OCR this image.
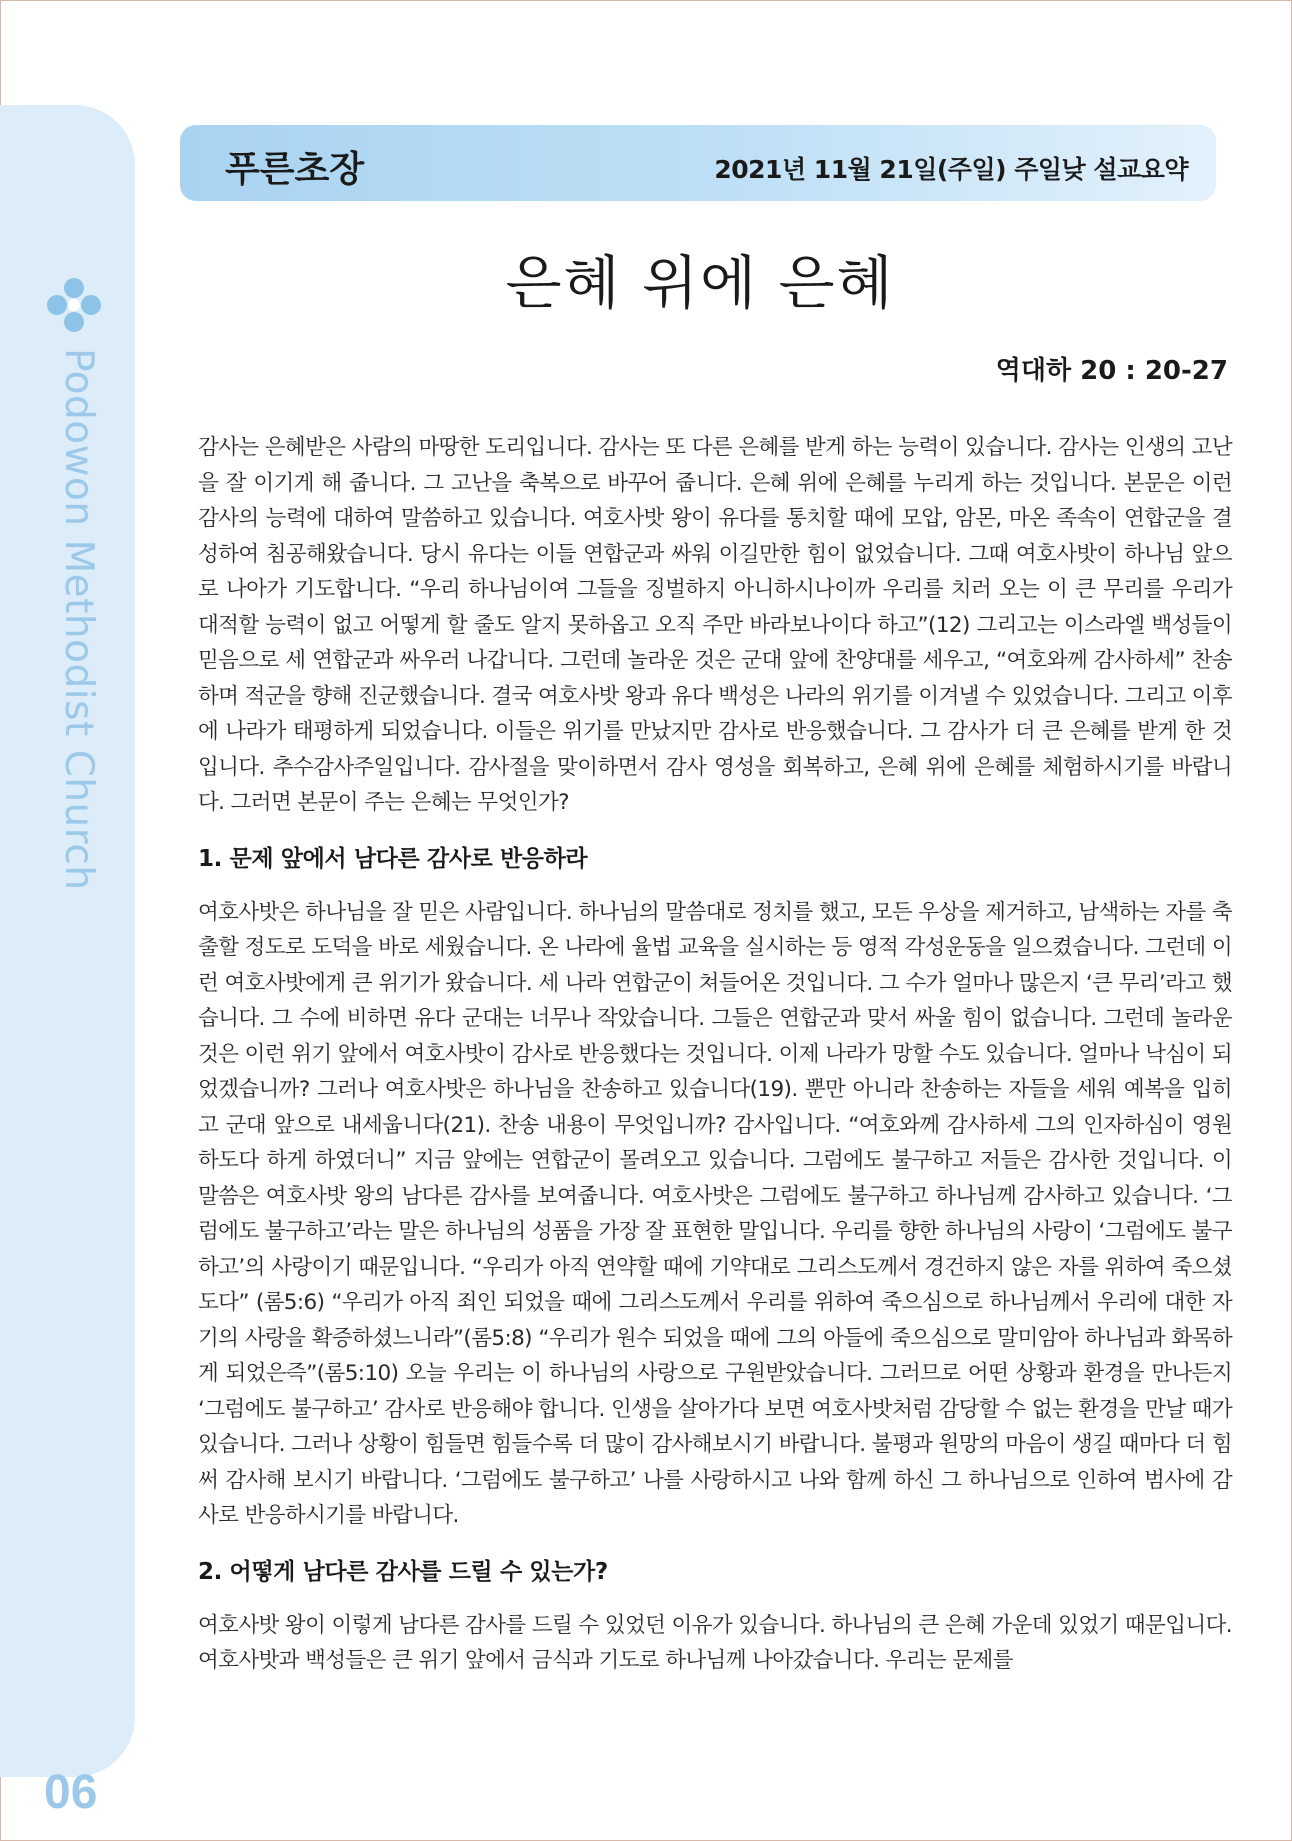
Podowon Methodist Church
06
푸른초장	2021년 11월 21일(주일) 주일낮 설교요약
은혜 위에 은혜
역대하 20 : 20-27

감사는 은혜받은 사람의 마땅한 도리입니다. 감사는 또 다른 은혜를 받게 하는 능력이 있습니다. 감사는 인생의 고난을 잘 이기게 해 줍니다. 그 고난을 축복으로 바꾸어 줍니다. 은혜 위에 은혜를 누리게 하는 것입니다. 본문은 이런 감사의 능력에 대하여 말씀하고 있습니다. 여호사밧 왕이 유다를 통치할 때에 모압, 암몬, 마온 족속이 연합군을 결성하여 침공해왔습니다. 당시 유다는 이들 연합군과 싸워 이길만한 힘이 없었습니다. 그때 여호사밧이 하나님 앞으로 나아가 기도합니다. “우리 하나님이여 그들을 징벌하지 아니하시나이까 우리를 치러 오는 이 큰 무리를 우리가 대적할 능력이 없고 어떻게 할 줄도 알지 못하옵고 오직 주만 바라보나이다 하고”(12) 그리고는 이스라엘 백성들이 믿음으로 세 연합군과 싸우러 나갑니다. 그런데 놀라운 것은 군대 앞에 찬양대를 세우고, “여호와께 감사하세” 찬송하며 적군을 향해 진군했습니다. 결국 여호사밧 왕과 유다 백성은 나라의 위기를 이겨낼 수 있었습니다. 그리고 이후에 나라가 태평하게 되었습니다. 이들은 위기를 만났지만 감사로 반응했습니다. 그 감사가 더 큰 은혜를 받게 한 것입니다. 추수감사주일입니다. 감사절을 맞이하면서 감사 영성을 회복하고, 은혜 위에 은혜를 체험하시기를 바랍니다. 그러면 본문이 주는 은혜는 무엇인가?

1. 문제 앞에서 남다른 감사로 반응하라

여호사밧은 하나님을 잘 믿은 사람입니다. 하나님의 말씀대로 정치를 했고, 모든 우상을 제거하고, 남색하는 자를 축출할 정도로 도덕을 바로 세웠습니다. 온 나라에 율법 교육을 실시하는 등 영적 각성운동을 일으켰습니다. 그런데 이런 여호사밧에게 큰 위기가 왔습니다. 세 나라 연합군이 쳐들어온 것입니다. 그 수가 얼마나 많은지 ‘큰 무리’라고 했습니다. 그 수에 비하면 유다 군대는 너무나 작았습니다. 그들은 연합군과 맞서 싸울 힘이 없습니다. 그런데 놀라운 것은 이런 위기 앞에서 여호사밧이 감사로 반응했다는 것입니다. 이제 나라가 망할 수도 있습니다. 얼마나 낙심이 되었겠습니까? 그러나 여호사밧은 하나님을 찬송하고 있습니다(19). 뿐만 아니라 찬송하는 자들을 세워 예복을 입히고 군대 앞으로 내세웁니다(21). 찬송 내용이 무엇입니까? 감사입니다. “여호와께 감사하세 그의 인자하심이 영원하도다 하게 하였더니” 지금 앞에는 연합군이 몰려오고 있습니다. 그럼에도 불구하고 저들은 감사한 것입니다. 이 말씀은 여호사밧 왕의 남다른 감사를 보여줍니다. 여호사밧은 그럼에도 불구하고 하나님께 감사하고 있습니다. ‘그럼에도 불구하고’라는 말은 하나님의 성품을 가장 잘 표현한 말입니다. 우리를 향한 하나님의 사랑이 ‘그럼에도 불구하고’의 사랑이기 때문입니다. “우리가 아직 연약할 때에 기약대로 그리스도께서 경건하지 않은 자를 위하여 죽으셨도다” (롬5:6) “우리가 아직 죄인 되었을 때에 그리스도께서 우리를 위하여 죽으심으로 하나님께서 우리에 대한 자기의 사랑을 확증하셨느니라”(롬5:8) “우리가 원수 되었을 때에 그의 아들에 죽으심으로 말미암아 하나님과 화목하게 되었은즉”(롬5:10) 오늘 우리는 이 하나님의 사랑으로 구원받았습니다. 그러므로 어떤 상황과 환경을 만나든지 ‘그럼에도 불구하고’ 감사로 반응해야 합니다. 인생을 살아가다 보면 여호사밧처럼 감당할 수 없는 환경을 만날 때가 있습니다. 그러나 상황이 힘들면 힘들수록 더 많이 감사해보시기 바랍니다. 불평과 원망의 마음이 생길 때마다 더 힘써 감사해 보시기 바랍니다. ‘그럼에도 불구하고’ 나를 사랑하시고 나와 함께 하신 그 하나님으로 인하여 범사에 감사로 반응하시기를 바랍니다.

2. 어떻게 남다른 감사를 드릴 수 있는가?

여호사밧 왕이 이렇게 남다른 감사를 드릴 수 있었던 이유가 있습니다. 하나님의 큰 은혜 가운데 있었기 때문입니다. 여호사밧과 백성들은 큰 위기 앞에서 금식과 기도로 하나님께 나아갔습니다. 우리는 문제를
